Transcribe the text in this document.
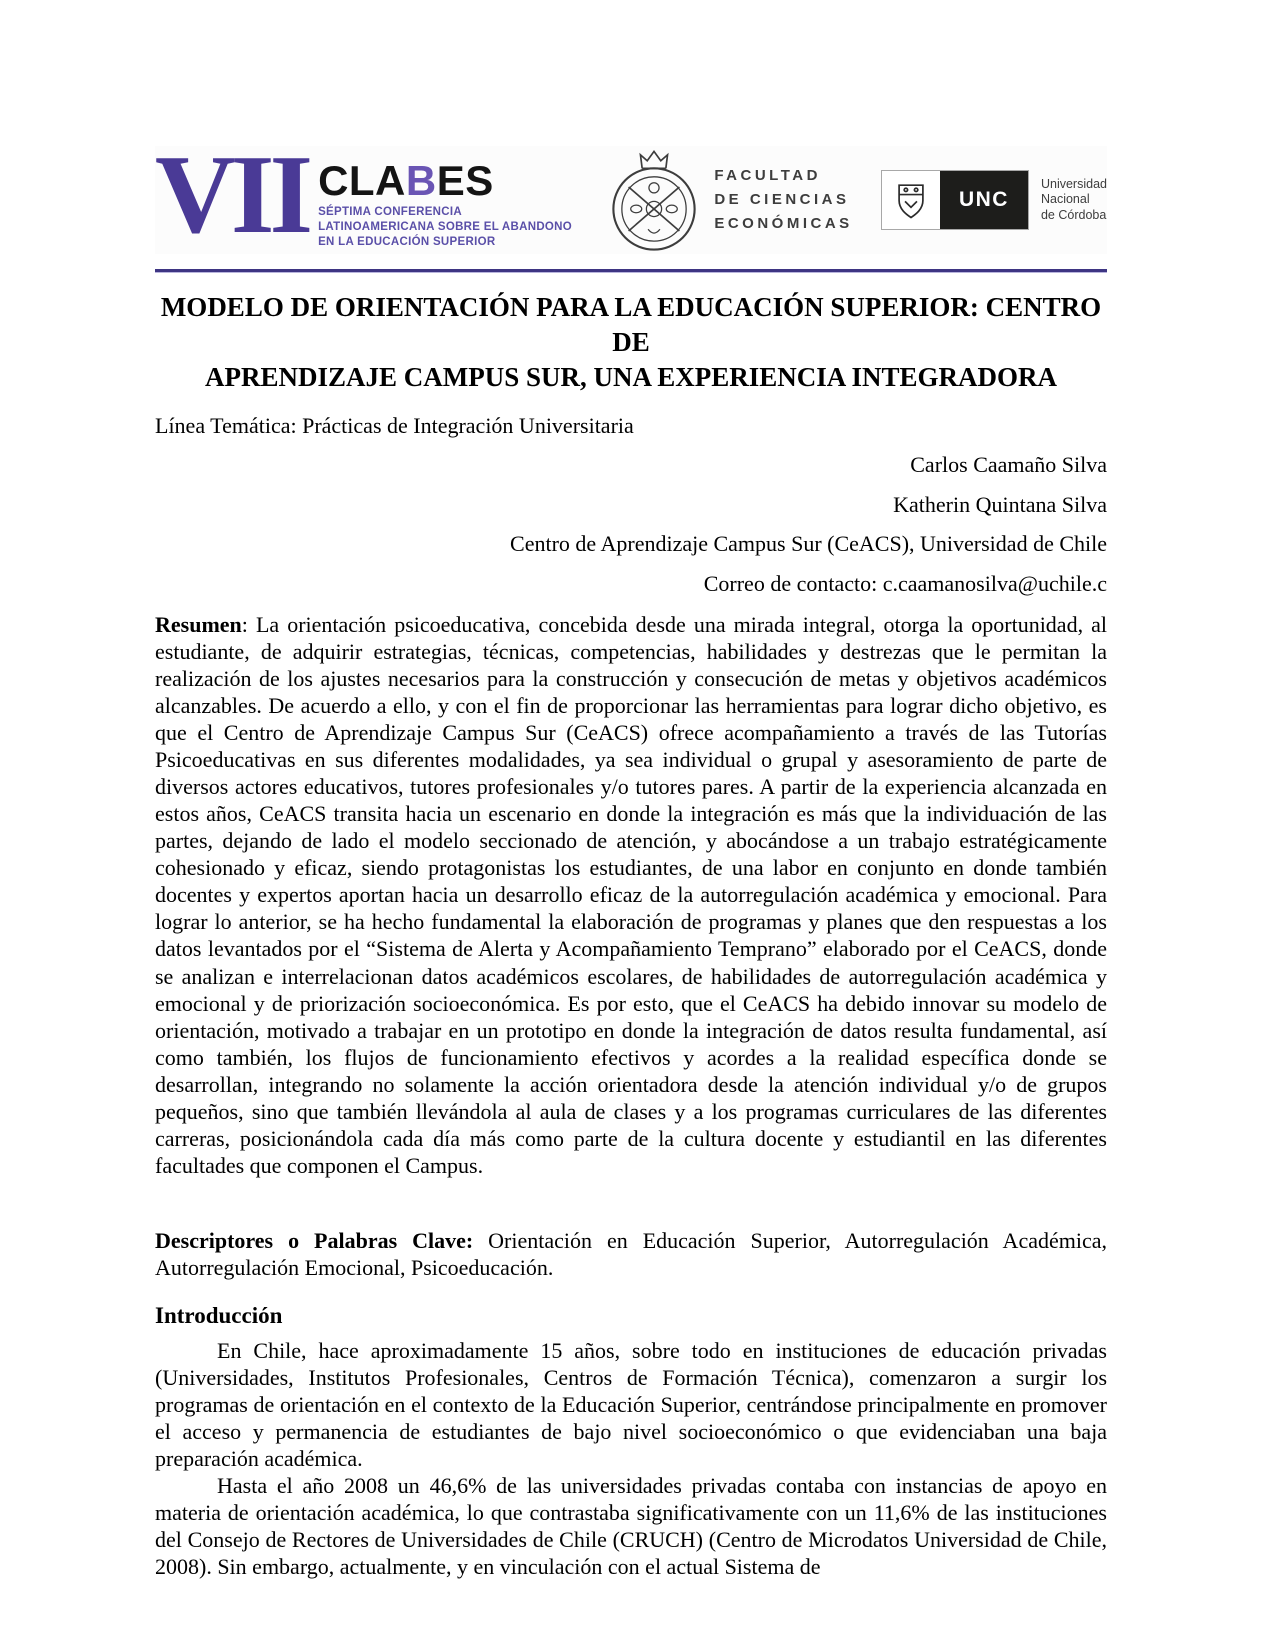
VII CLABES
SÉPTIMA CONFERENCIA
LATINOAMERICANA SOBRE EL ABANDONO
EN LA EDUCACIÓN SUPERIOR
FACULTAD
DE CIENCIAS
ECONÓMICAS
UNC
Universidad
Nacional
de Córdoba
MODELO DE ORIENTACIÓN PARA LA EDUCACIÓN SUPERIOR: CENTRO DE
APRENDIZAJE CAMPUS SUR, UNA EXPERIENCIA INTEGRADORA
Línea Temática: Prácticas de Integración Universitaria
Carlos Caamaño Silva
Katherin Quintana Silva
Centro de Aprendizaje Campus Sur (CeACS), Universidad de Chile
Correo de contacto: c.caamanosilva@uchile.c

Resumen: La orientación psicoeducativa, concebida desde una mirada integral, otorga la oportunidad, al estudiante, de adquirir estrategias, técnicas, competencias, habilidades y destrezas que le permitan la realización de los ajustes necesarios para la construcción y consecución de metas y objetivos académicos alcanzables. De acuerdo a ello, y con el fin de proporcionar las herramientas para lograr dicho objetivo, es que el Centro de Aprendizaje Campus Sur (CeACS) ofrece acompañamiento a través de las Tutorías Psicoeducativas en sus diferentes modalidades, ya sea individual o grupal y asesoramiento de parte de diversos actores educativos, tutores profesionales y/o tutores pares. A partir de la experiencia alcanzada en estos años, CeACS transita hacia un escenario en donde la integración es más que la individuación de las partes, dejando de lado el modelo seccionado de atención, y abocándose a un trabajo estratégicamente cohesionado y eficaz, siendo protagonistas los estudiantes, de una labor en conjunto en donde también docentes y expertos aportan hacia un desarrollo eficaz de la autorregulación académica y emocional. Para lograr lo anterior, se ha hecho fundamental la elaboración de programas y planes que den respuestas a los datos levantados por el “Sistema de Alerta y Acompañamiento Temprano” elaborado por el CeACS, donde se analizan e interrelacionan datos académicos escolares, de habilidades de autorregulación académica y emocional y de priorización socioeconómica. Es por esto, que el CeACS ha debido innovar su modelo de orientación, motivado a trabajar en un prototipo en donde la integración de datos resulta fundamental, así como también, los flujos de funcionamiento efectivos y acordes a la realidad específica donde se desarrollan, integrando no solamente la acción orientadora desde la atención individual y/o de grupos pequeños, sino que también llevándola al aula de clases y a los programas curriculares de las diferentes carreras, posicionándola cada día más como parte de la cultura docente y estudiantil en las diferentes facultades que componen el Campus.

Descriptores o Palabras Clave: Orientación en Educación Superior, Autorregulación Académica, Autorregulación Emocional, Psicoeducación.

Introducción

En Chile, hace aproximadamente 15 años, sobre todo en instituciones de educación privadas (Universidades, Institutos Profesionales, Centros de Formación Técnica), comenzaron a surgir los programas de orientación en el contexto de la Educación Superior, centrándose principalmente en promover el acceso y permanencia de estudiantes de bajo nivel socioeconómico o que evidenciaban una baja preparación académica.

Hasta el año 2008 un 46,6% de las universidades privadas contaba con instancias de apoyo en materia de orientación académica, lo que contrastaba significativamente con un 11,6% de las instituciones del Consejo de Rectores de Universidades de Chile (CRUCH) (Centro de Microdatos Universidad de Chile, 2008). Sin embargo, actualmente, y en vinculación con el actual Sistema de
